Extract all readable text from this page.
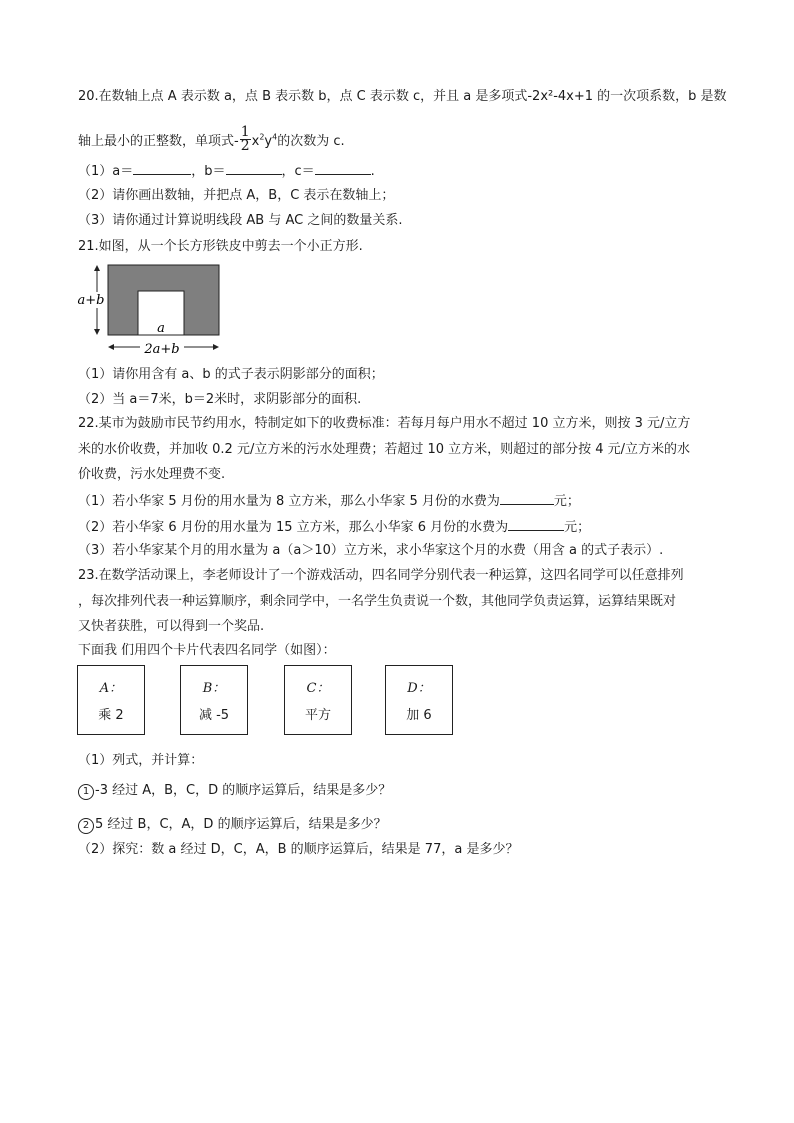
20.在数轴上点 A 表示数 a，点 B 表示数 b，点 C 表示数 c，并且 a 是多项式-2x²-4x+1 的一次项系数，b 是数
轴上最小的正整数，单项式- $\frac{1}{2} x^2y^4$的次数为 c.
（1）a＝	，b＝	，c＝	.
（2）请你画出数轴，并把点 A，B，C 表示在数轴上；
（3）请你通过计算说明线段 AB 与 AC 之间的数量关系.
21.如图，从一个长方形铁皮中剪去一个小正方形.
a+b
a
2a+b
（1）请你用含有 a、b 的式子表示阴影部分的面积；
（2）当 a＝7米，b＝2米时，求阴影部分的面积.
22.某市为鼓励市民节约用水，特制定如下的收费标准：若每月每户用水不超过 10 立方米，则按 3 元/立方
米的水价收费，并加收 0.2 元/立方米的污水处理费；若超过 10 立方米，则超过的部分按 4 元/立方米的水
价收费，污水处理费不变.
（1）若小华家 5 月份的用水量为 8 立方米，那么小华家 5 月份的水费为	元；
（2）若小华家 6 月份的用水量为 15 立方米，那么小华家 6 月份的水费为	元；
（3）若小华家某个月的用水量为 a（a＞10）立方米，求小华家这个月的水费（用含 a 的式子表示）.
23.在数学活动课上，李老师设计了一个游戏活动，四名同学分别代表一种运算，这四名同学可以任意排列
，每次排列代表一种运算顺序，剩余同学中，一名学生负责说一个数，其他同学负责运算，运算结果既对
又快者获胜，可以得到一个奖品.
下面我 们用四个卡片代表四名同学（如图）：
A：
乘 2
B：
减 -5
C：
平方
D：
加 6
（1）列式，并计算：
1 -3 经过 A，B，C，D 的顺序运算后，结果是多少？
2 5 经过 B，C，A，D 的顺序运算后，结果是多少？
（2）探究：数 a 经过 D，C，A，B 的顺序运算后，结果是 77，a 是多少？
